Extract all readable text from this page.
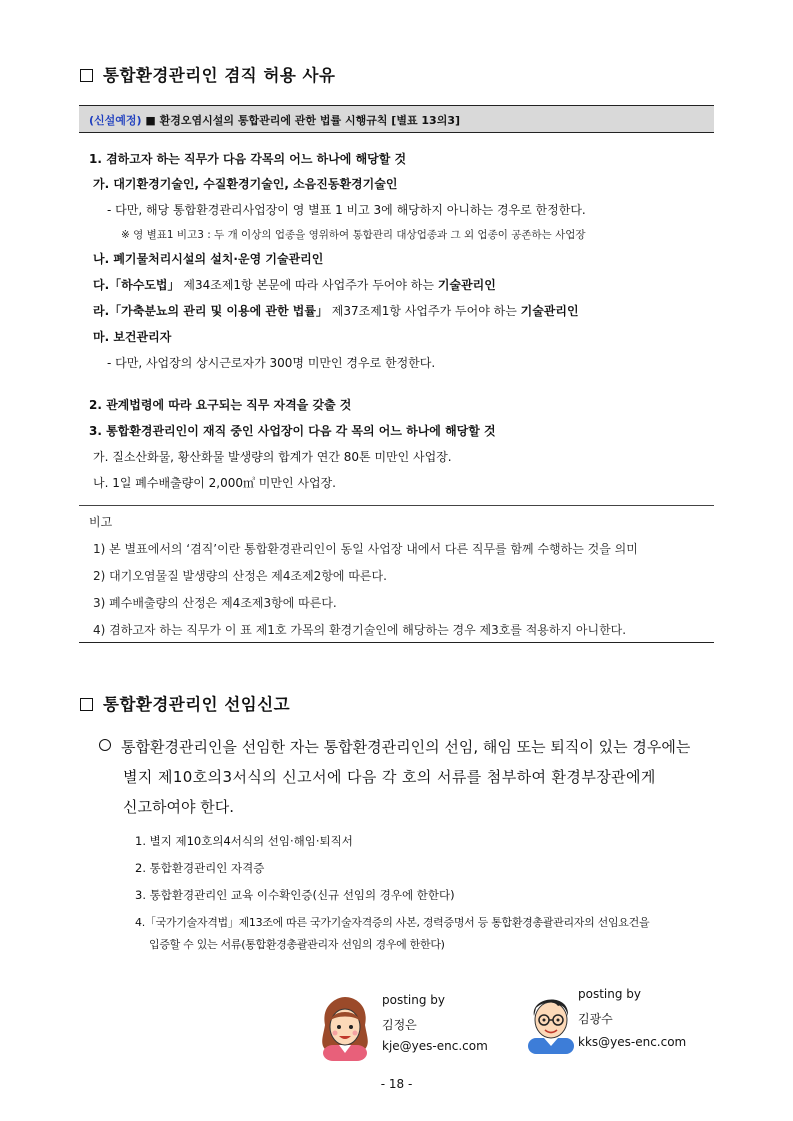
통합환경관리인 겸직 허용 사유
(신설예정) ■ 환경오염시설의 통합관리에 관한 법률 시행규칙 [별표 13의3]
1. 겸하고자 하는 직무가 다음 각목의 어느 하나에 해당할 것
가. 대기환경기술인, 수질환경기술인, 소음진동환경기술인
- 다만, 해당 통합환경관리사업장이 영 별표 1 비고 3에 해당하지 아니하는 경우로 한정한다.
※ 영 별표1 비고3 : 두 개 이상의 업종을 영위하여 통합관리 대상업종과 그 외 업종이 공존하는 사업장
나. 폐기물처리시설의 설치·운영 기술관리인
다.「하수도법」 제34조제1항 본문에 따라 사업주가 두어야 하는 기술관리인
라.「가축분뇨의 관리 및 이용에 관한 법률」 제37조제1항 사업주가 두어야 하는 기술관리인
마. 보건관리자
- 다만, 사업장의 상시근로자가 300명 미만인 경우로 한정한다.
2. 관계법령에 따라 요구되는 직무 자격을 갖출 것
3. 통합환경관리인이 재직 중인 사업장이 다음 각 목의 어느 하나에 해당할 것
가. 질소산화물, 황산화물 발생량의 합계가 연간 80톤 미만인 사업장.
나. 1일 폐수배출량이 2,000㎥ 미만인 사업장.
비고
1) 본 별표에서의 ‘겸직’이란 통합환경관리인이 동일 사업장 내에서 다른 직무를 함께 수행하는 것을 의미
2) 대기오염물질 발생량의 산정은 제4조제2항에 따른다.
3) 폐수배출량의 산정은 제4조제3항에 따른다.
4) 겸하고자 하는 직무가 이 표 제1호 가목의 환경기술인에 해당하는 경우 제3호를 적용하지 아니한다.
통합환경관리인 선임신고
통합환경관리인을 선임한 자는 통합환경관리인의 선임, 해임 또는 퇴직이 있는 경우에는
별지 제10호의3서식의 신고서에 다음 각 호의 서류를 첨부하여 환경부장관에게
신고하여야 한다.
1. 별지 제10호의4서식의 선임·해임·퇴직서
2. 통합환경관리인 자격증
3. 통합환경관리인 교육 이수확인증(신규 선임의 경우에 한한다)
4.「국가기술자격법」제13조에 따른 국가기술자격증의 사본, 경력증명서 등 통합환경총괄관리자의 선임요건을
입증할 수 있는 서류(통합환경총괄관리자 선임의 경우에 한한다)
posting by
김정은
kje@yes-enc.com
posting by
김광수
kks@yes-enc.com
- 18 -
